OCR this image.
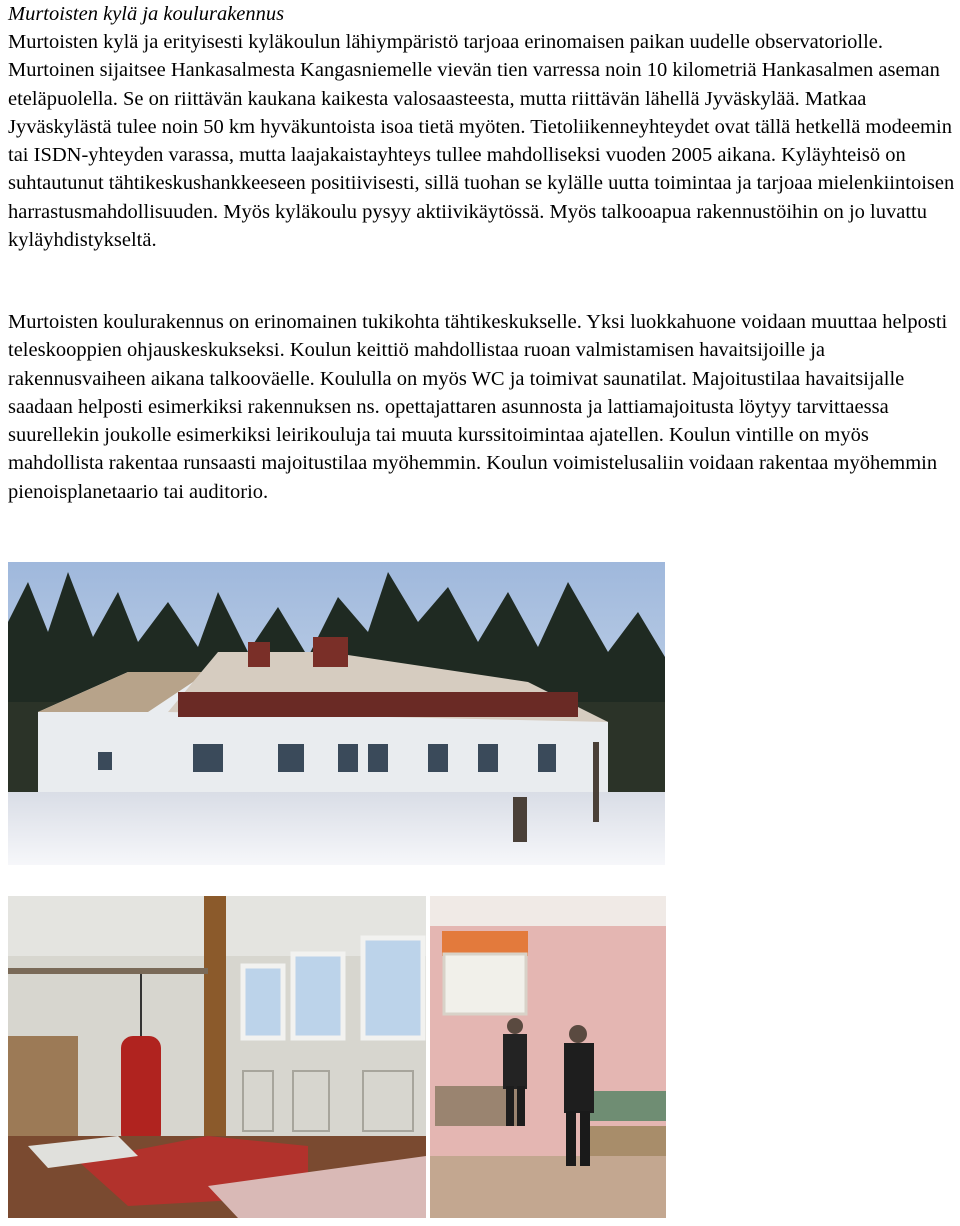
Murtoisten kylä ja koulurakennus

Murtoisten kylä ja erityisesti kyläkoulun lähiympäristö tarjoaa erinomaisen paikan uudelle observatoriolle. Murtoinen sijaitsee Hankasalmesta Kangasniemelle vievän tien varressa noin 10 kilometriä Hankasalmen aseman eteläpuolella. Se on riittävän kaukana kaikesta valosaasteesta, mutta riittävän lähellä Jyväskylää. Matkaa Jyväskylästä tulee noin 50 km hyväkuntoista isoa tietä myöten. Tietoliikenneyhteydet ovat tällä hetkellä modeemin tai ISDN-yhteyden varassa, mutta laajakaistayhteys tullee mahdolliseksi vuoden 2005 aikana. Kyläyhteisö on suhtautunut tähtikeskushankkeeseen positiivisesti, sillä tuohan se kylälle uutta toimintaa ja tarjoaa mielenkiintoisen harrastusmahdollisuuden. Myös kyläkoulu pysyy aktiivikäytössä. Myös talkooapua rakennustöihin on jo luvattu kyläyhdistykseltä.

Murtoisten koulurakennus on erinomainen tukikohta tähtikeskukselle. Yksi luokkahuone voidaan muuttaa helposti teleskooppien ohjauskeskukseksi. Koulun keittiö mahdollistaa ruoan valmistamisen havaitsijoille ja rakennusvaiheen aikana talkooväelle. Koululla on myös WC ja toimivat saunatilat. Majoitustilaa havaitsijalle saadaan helposti esimerkiksi rakennuksen ns. opettajattaren asunnosta ja lattiamajoitusta löytyy tarvittaessa suurellekin joukolle esimerkiksi leirikouluja tai muuta kurssitoimintaa ajatellen. Koulun vintille on myös mahdollista rakentaa runsaasti majoitustilaa myöhemmin. Koulun voimistelusaliin voidaan rakentaa myöhemmin pienoisplanetaario tai auditorio.
